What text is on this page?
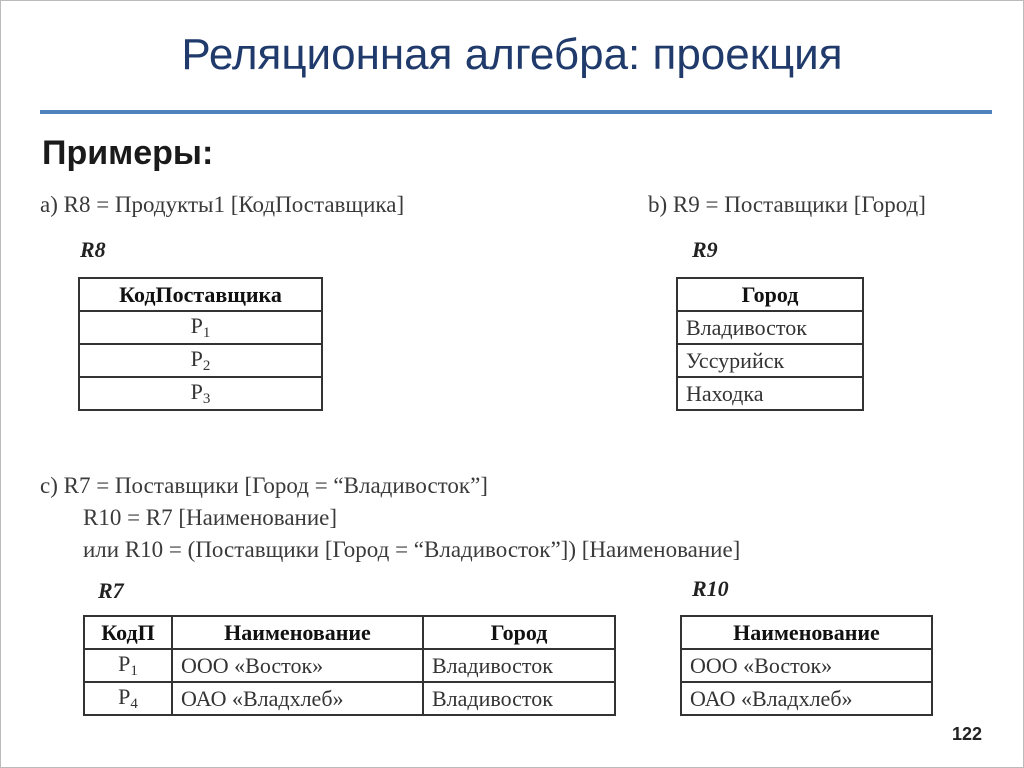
Реляционная алгебра: проекция
Примеры:
a) R8 = Продукты1 [КодПоставщика]
R8
КодПоставщика
$P_1$
$P_2$
$P_3$
b) R9 = Поставщики [Город]
R9
Город
Владивосток
Уссурийск
Находка
c) R7 = Поставщики [Город = “Владивосток”]
R10 = R7 [Наименование]
или R10 = (Поставщики [Город = “Владивосток”]) [Наименование]
R7
КодП	Наименование	Город
$P_1$	ООО «Восток»	Владивосток
$P_4$	ОАО «Владхлеб»	Владивосток
R10
Наименование
ООО «Восток»
ОАО «Владхлеб»
122
